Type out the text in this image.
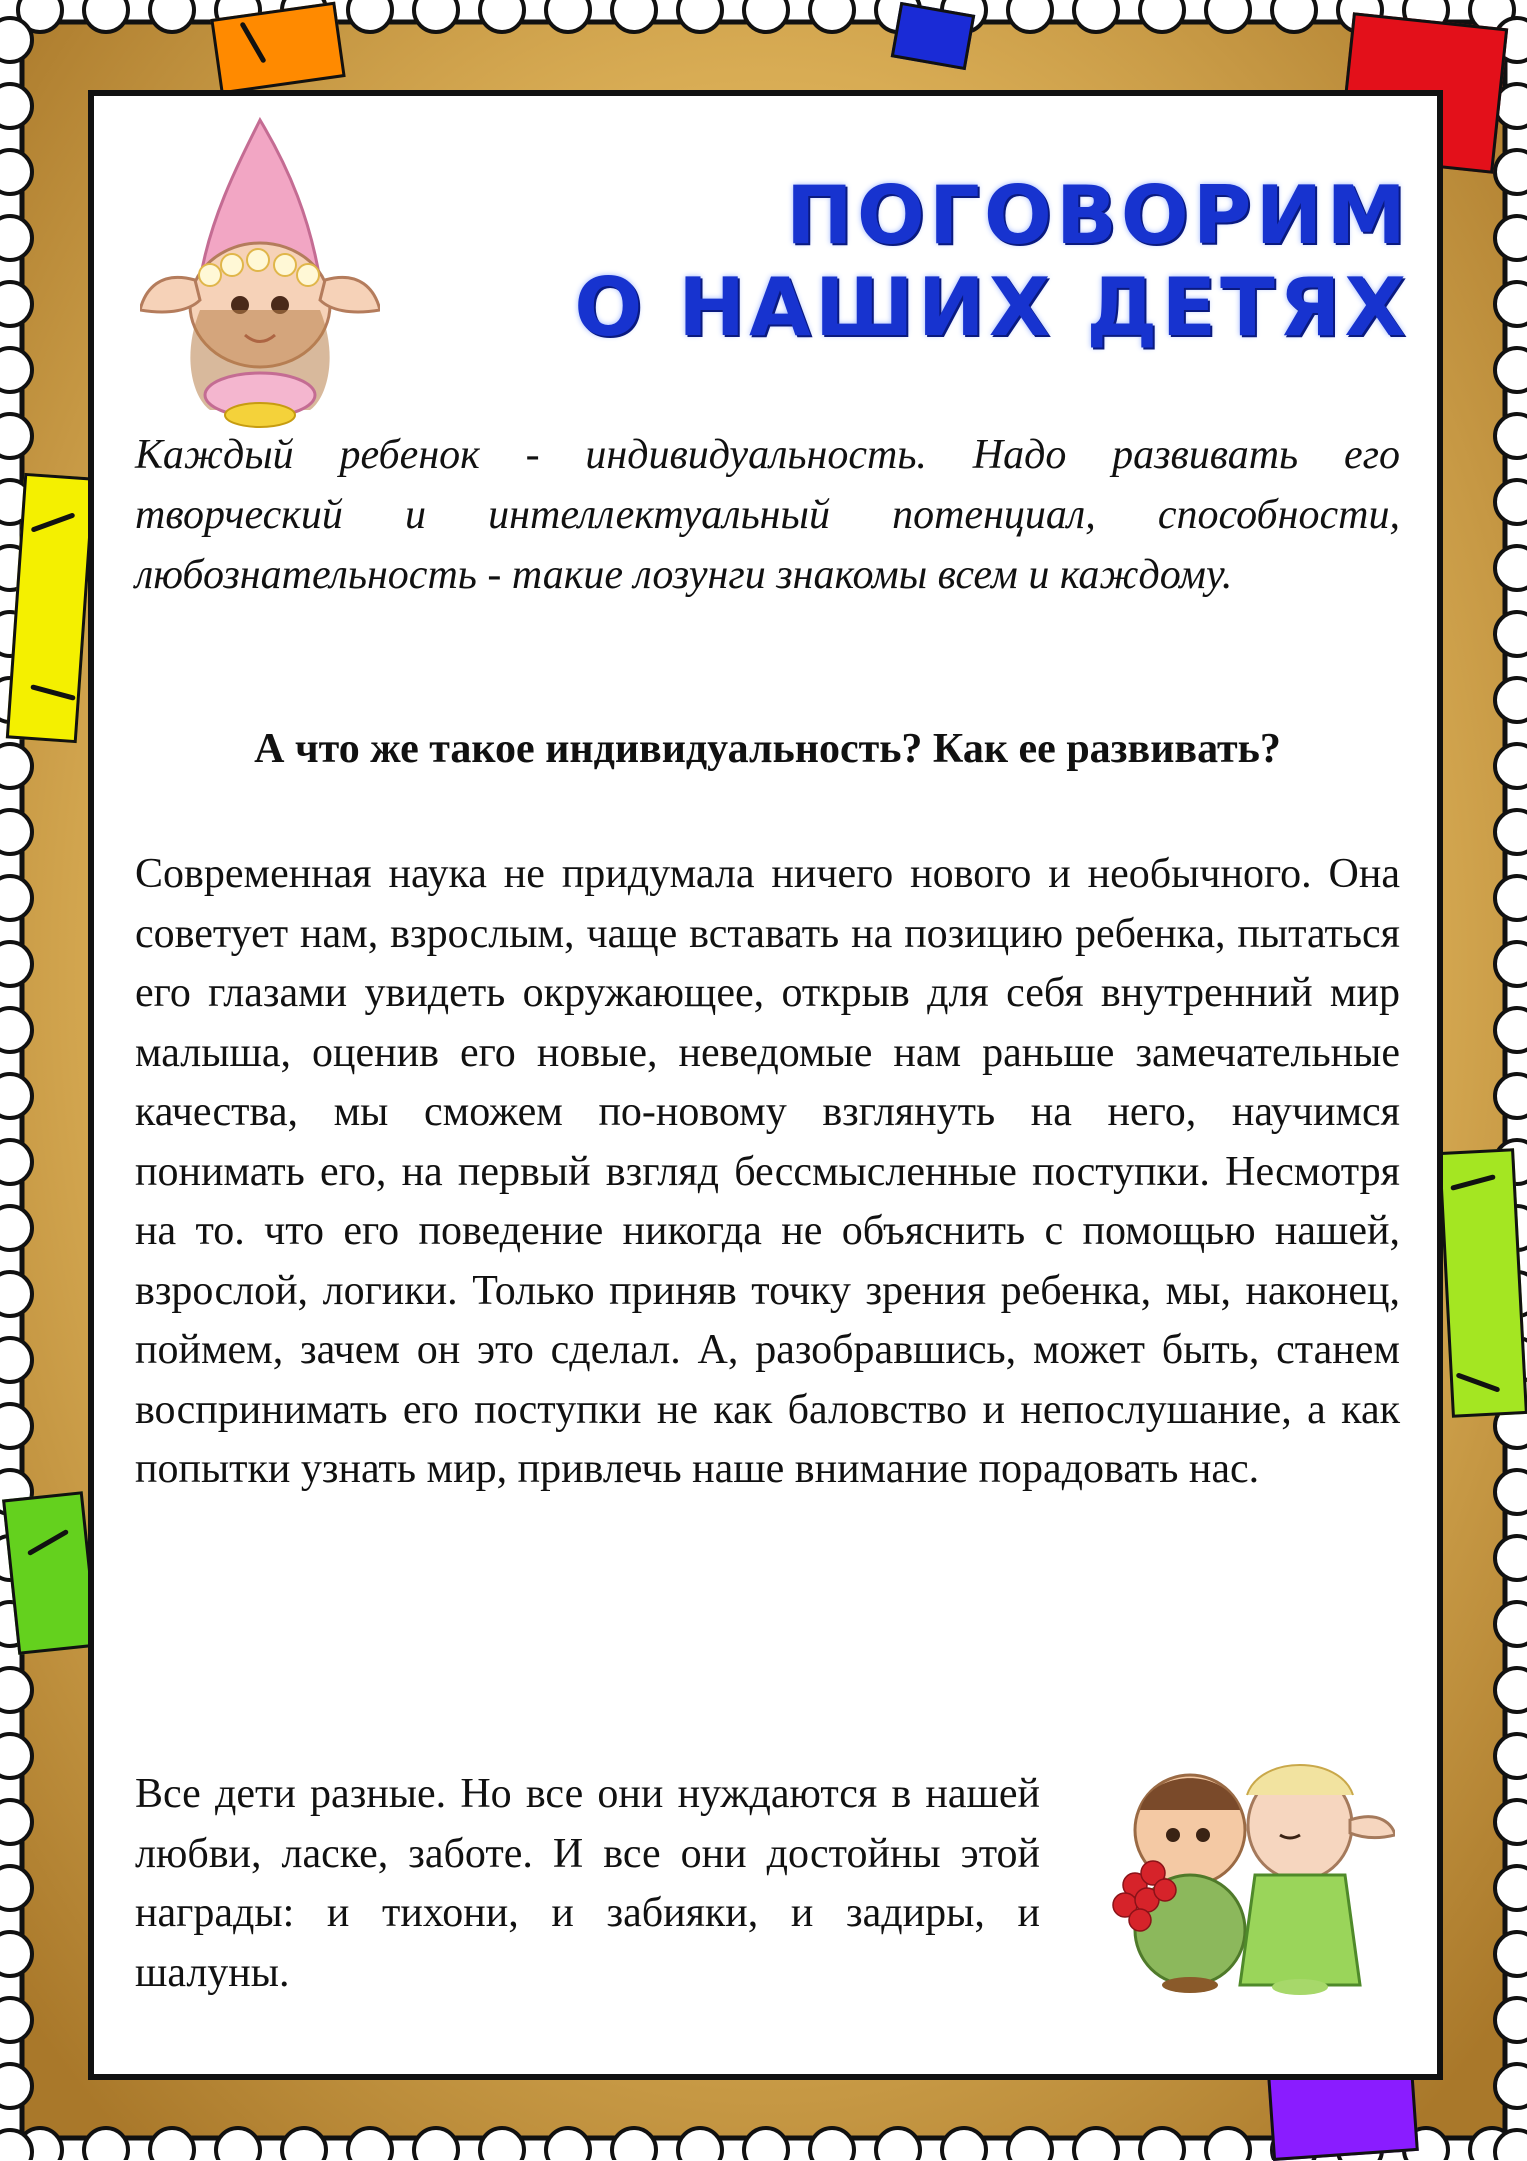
ПОГОВОРИМ
О НАШИХ ДЕТЯХ
Каждый ребенок - индивидуальность. Надо развивать его творческий и интеллектуальный потенциал, способности, любознательность - такие лозунги знакомы всем и каждому.
А что же такое индивидуальность? Как ее развивать?
Современная наука не придумала ничего нового и необычного. Она советует нам, взрослым, чаще вставать на позицию ребенка, пытаться его глазами увидеть окружающее, открыв для себя внутренний мир малыша, оценив его новые, неведомые нам раньше замечательные качества, мы сможем по-новому взглянуть на него, научимся понимать его, на первый взгляд бессмысленные поступки. Несмотря на то. что его поведение никогда не объяснить с помощью нашей, взрослой, логики. Только приняв точку зрения ребенка, мы, наконец, поймем, зачем он это сделал. А, разобравшись, может быть, станем воспринимать его поступки не как баловство и непослушание, а как попытки узнать мир, привлечь наше внимание порадовать нас.
Все дети разные. Но все они нуждаются в нашей любви, ласке, заботе. И все они достойны этой награды: и тихони, и забияки, и задиры, и шалуны.
